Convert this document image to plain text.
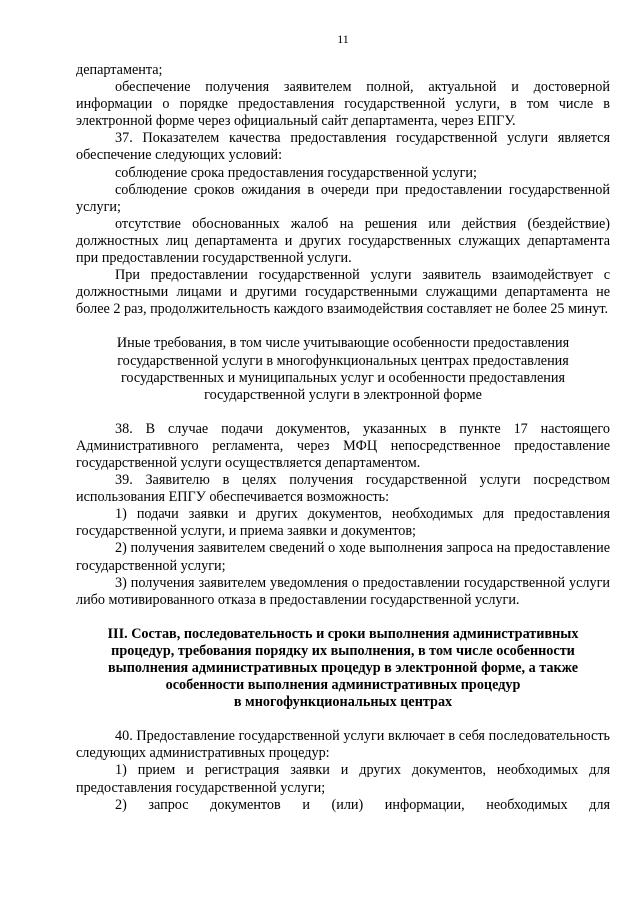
11

департамента;

обеспечение получения заявителем полной, актуальной и достоверной информации о порядке предоставления государственной услуги, в том числе в электронной форме через официальный сайт департамента, через ЕПГУ.

37. Показателем качества предоставления государственной услуги является обеспечение следующих условий:

соблюдение срока предоставления государственной услуги;

соблюдение сроков ожидания в очереди при предоставлении государственной услуги;

отсутствие обоснованных жалоб на решения или действия (бездействие) должностных лиц департамента и других государственных служащих департамента при предоставлении государственной услуги.

При предоставлении государственной услуги заявитель взаимодействует с должностными лицами и другими государственными служащими департамента не более 2 раз, продолжительность каждого взаимодействия составляет не более 25 минут.

Иные требования, в том числе учитывающие особенности предоставления
государственной услуги в многофункциональных центрах предоставления
государственных и муниципальных услуг и особенности предоставления
государственной услуги в электронной форме

38. В случае подачи документов, указанных в пункте 17 настоящего Административного регламента, через МФЦ непосредственное предоставление государственной услуги осуществляется департаментом.

39. Заявителю в целях получения государственной услуги посредством использования ЕПГУ обеспечивается возможность:

1) подачи заявки и других документов, необходимых для предоставления государственной услуги, и приема заявки и документов;

2) получения заявителем сведений о ходе выполнения запроса на предоставление государственной услуги;

3) получения заявителем уведомления о предоставлении государственной услуги либо мотивированного отказа в предоставлении государственной услуги.

III. Состав, последовательность и сроки выполнения административных
процедур, требования порядку их выполнения, в том числе особенности
выполнения административных процедур в электронной форме, а также
особенности выполнения административных процедур
в многофункциональных центрах

40. Предоставление государственной услуги включает в себя последовательность следующих административных процедур:

1) прием и регистрация заявки и других документов, необходимых для предоставления государственной услуги;

2) запрос документов и (или) информации, необходимых для
